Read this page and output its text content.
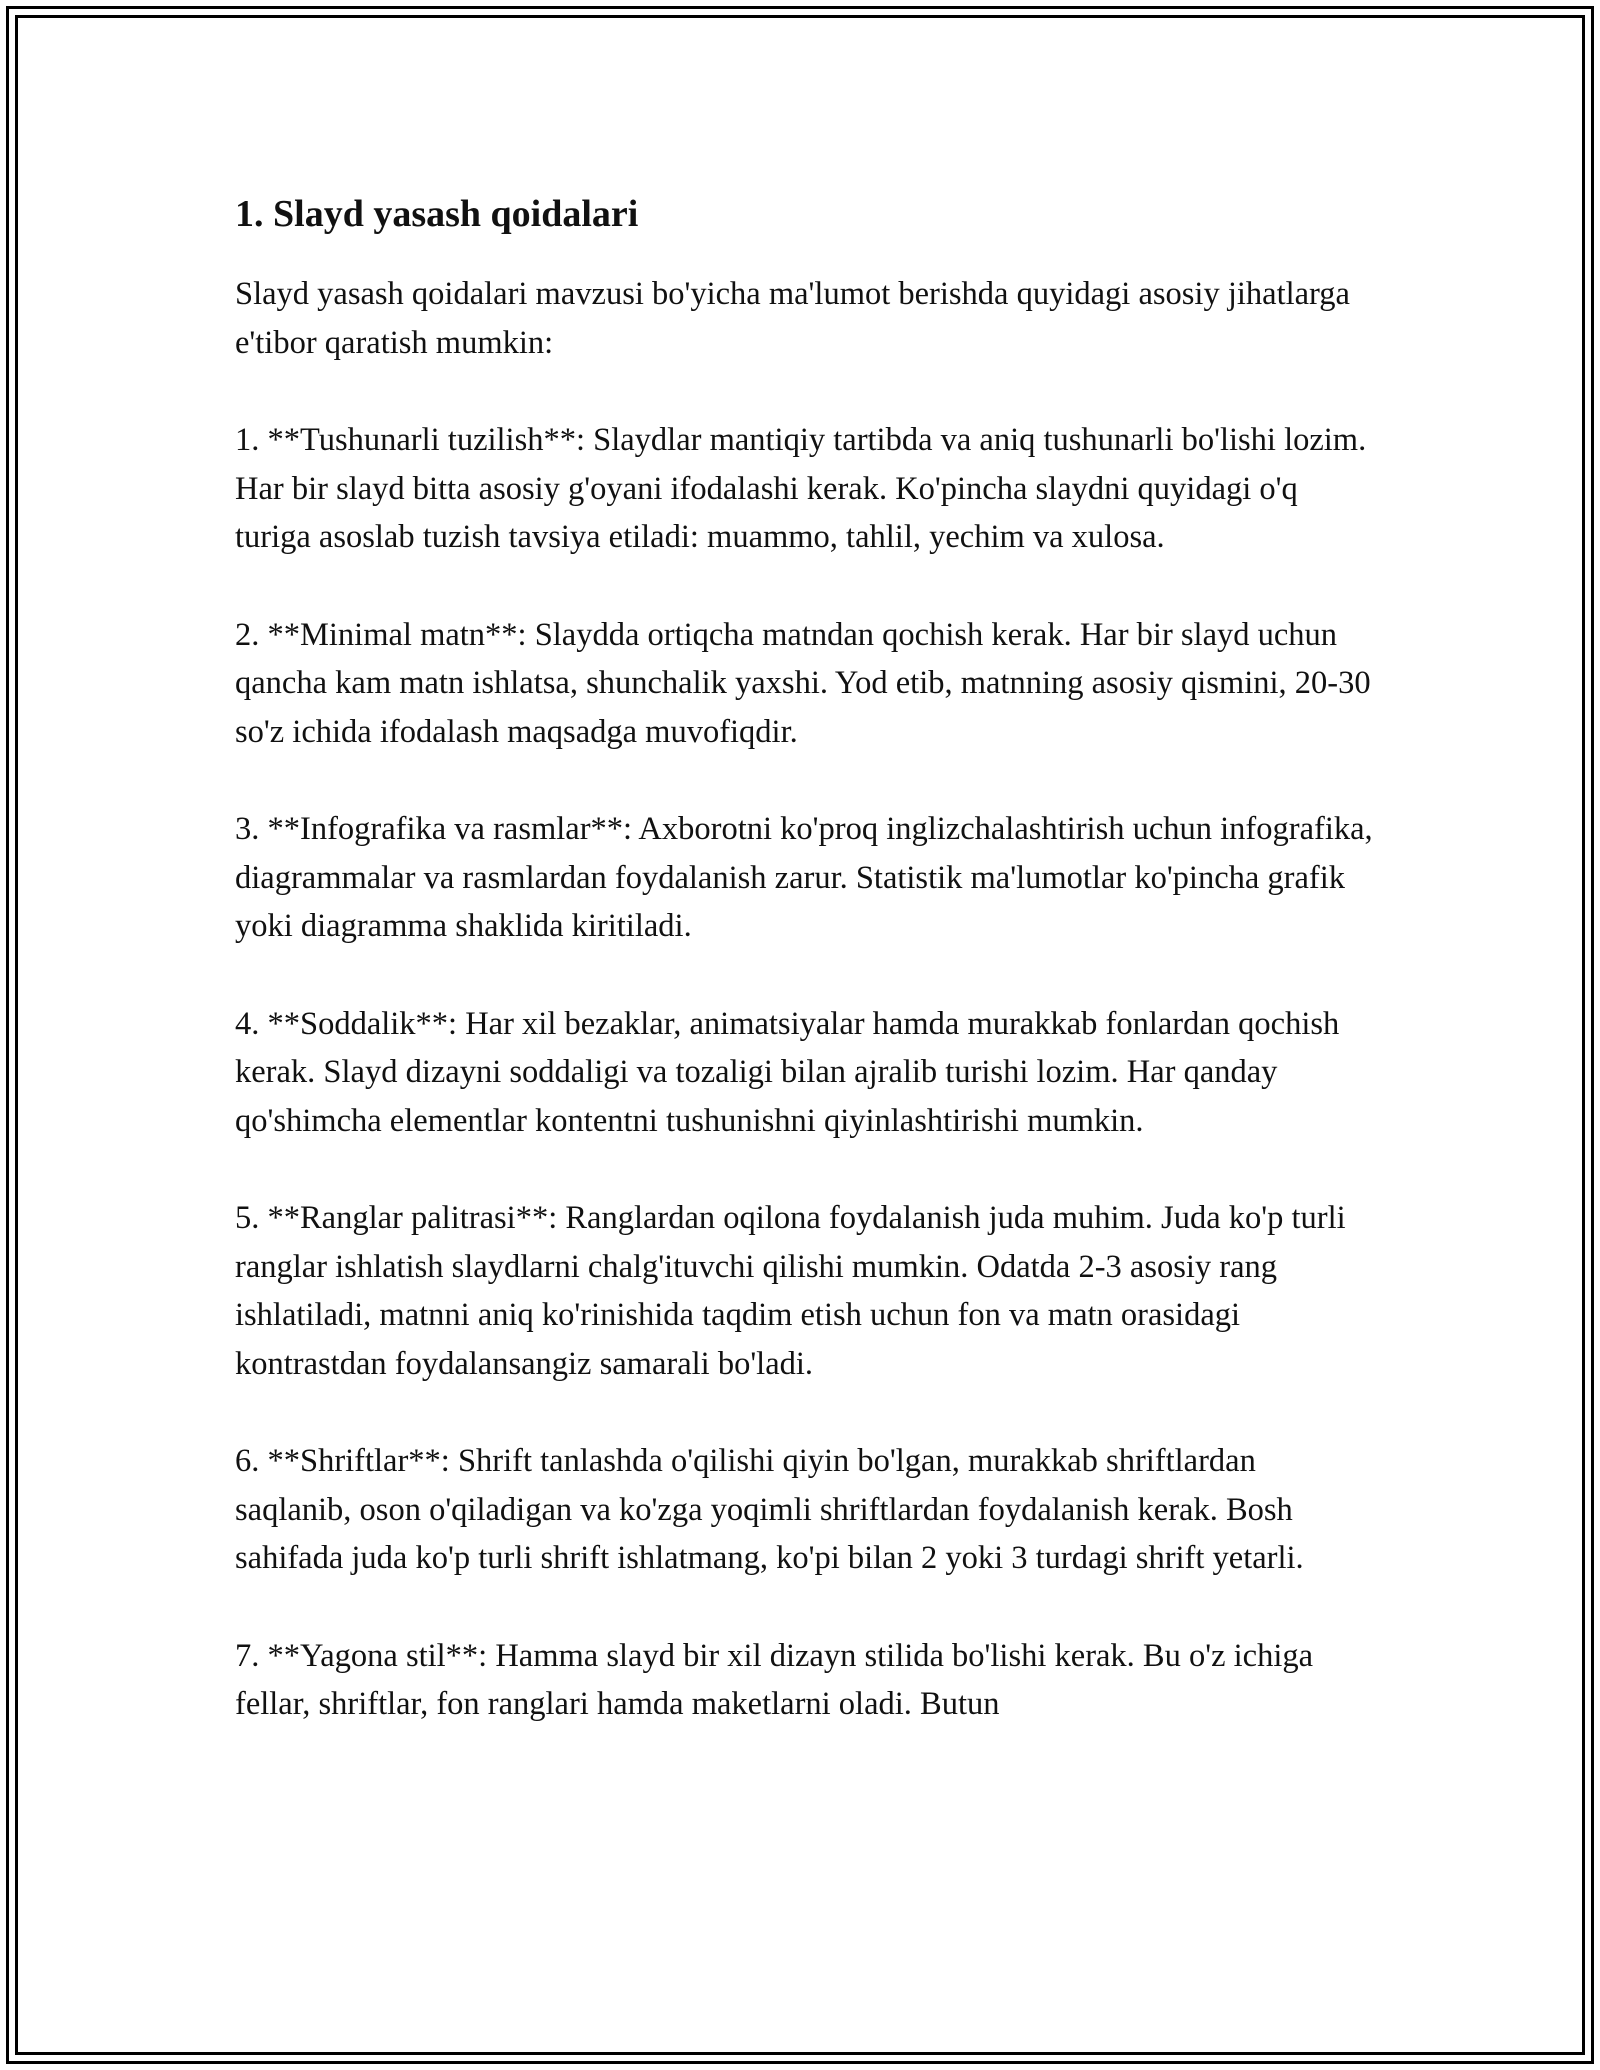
1. Slayd yasash qoidalari

Slayd yasash qoidalari mavzusi bo'yicha ma'lumot berishda quyidagi asosiy jihatlarga e'tibor qaratish mumkin:

1. **Tushunarli tuzilish**: Slaydlar mantiqiy tartibda va aniq tushunarli bo'lishi lozim. Har bir slayd bitta asosiy g'oyani ifodalashi kerak. Ko'pincha slaydni quyidagi o'q turiga asoslab tuzish tavsiya etiladi: muammo, tahlil, yechim va xulosa.

2. **Minimal matn**: Slaydda ortiqcha matndan qochish kerak. Har bir slayd uchun qancha kam matn ishlatsa, shunchalik yaxshi. Yod etib, matnning asosiy qismini, 20-30 so'z ichida ifodalash maqsadga muvofiqdir.

3. **Infografika va rasmlar**: Axborotni ko'proq inglizchalashtirish uchun infografika, diagrammalar va rasmlardan foydalanish zarur. Statistik ma'lumotlar ko'pincha grafik yoki diagramma shaklida kiritiladi.

4. **Soddalik**: Har xil bezaklar, animatsiyalar hamda murakkab fonlardan qochish kerak. Slayd dizayni soddaligi va tozaligi bilan ajralib turishi lozim. Har qanday qo'shimcha elementlar kontentni tushunishni qiyinlashtirishi mumkin.

5. **Ranglar palitrasi**: Ranglardan oqilona foydalanish juda muhim. Juda ko'p turli ranglar ishlatish slaydlarni chalg'ituvchi qilishi mumkin. Odatda 2-3 asosiy rang ishlatiladi, matnni aniq ko'rinishida taqdim etish uchun fon va matn orasidagi kontrastdan foydalansangiz samarali bo'ladi.

6. **Shriftlar**: Shrift tanlashda o'qilishi qiyin bo'lgan, murakkab shriftlardan saqlanib, oson o'qiladigan va ko'zga yoqimli shriftlardan foydalanish kerak. Bosh sahifada juda ko'p turli shrift ishlatmang, ko'pi bilan 2 yoki 3 turdagi shrift yetarli.

7. **Yagona stil**: Hamma slayd bir xil dizayn stilida bo'lishi kerak. Bu o'z ichiga fellar, shriftlar, fon ranglari hamda maketlarni oladi. Butun
